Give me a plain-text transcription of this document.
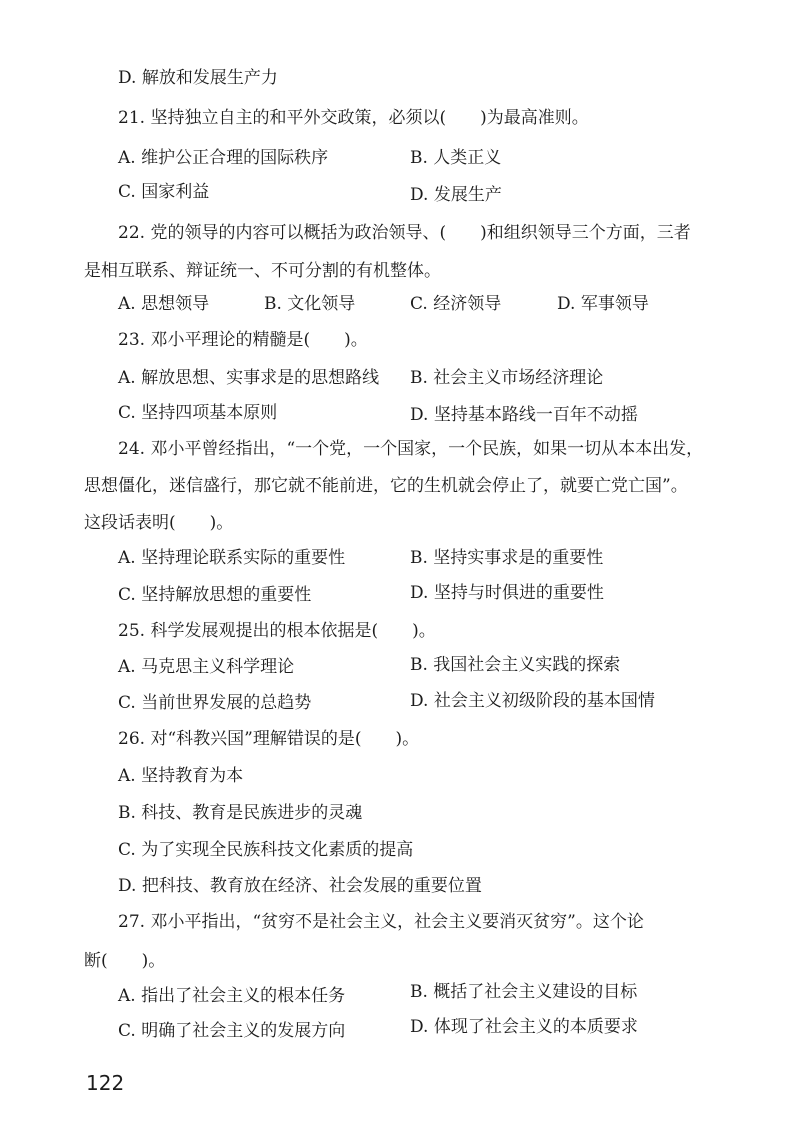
D. 解放和发展生产力
21. 坚持独立自主的和平外交政策，必须以(　　)为最高准则。
A. 维护公正合理的国际秩序	B. 人类正义
C. 国家利益	D. 发展生产
22. 党的领导的内容可以概括为政治领导、(　　)和组织领导三个方面，三者
是相互联系、辩证统一、不可分割的有机整体。
A. 思想领导	B. 文化领导	C. 经济领导	D. 军事领导
23. 邓小平理论的精髓是(　　)。
A. 解放思想、实事求是的思想路线 B. 社会主义市场经济理论
C. 坚持四项基本原则	D. 坚持基本路线一百年不动摇
24. 邓小平曾经指出，“一个党，一个国家，一个民族，如果一切从本本出发，
思想僵化，迷信盛行，那它就不能前进，它的生机就会停止了，就要亡党亡国”。
这段话表明(　　)。
A. 坚持理论联系实际的重要性	B. 坚持实事求是的重要性
C. 坚持解放思想的重要性	D. 坚持与时俱进的重要性
25. 科学发展观提出的根本依据是(　　)。
A. 马克思主义科学理论	B. 我国社会主义实践的探索
C. 当前世界发展的总趋势	D. 社会主义初级阶段的基本国情
26. 对“科教兴国”理解错误的是(　　)。
A. 坚持教育为本
B. 科技、教育是民族进步的灵魂
C. 为了实现全民族科技文化素质的提高
D. 把科技、教育放在经济、社会发展的重要位置
27. 邓小平指出，“贫穷不是社会主义，社会主义要消灭贫穷”。这个论
断(　　)。
A. 指出了社会主义的根本任务	B. 概括了社会主义建设的目标
C. 明确了社会主义的发展方向	D. 体现了社会主义的本质要求
122
